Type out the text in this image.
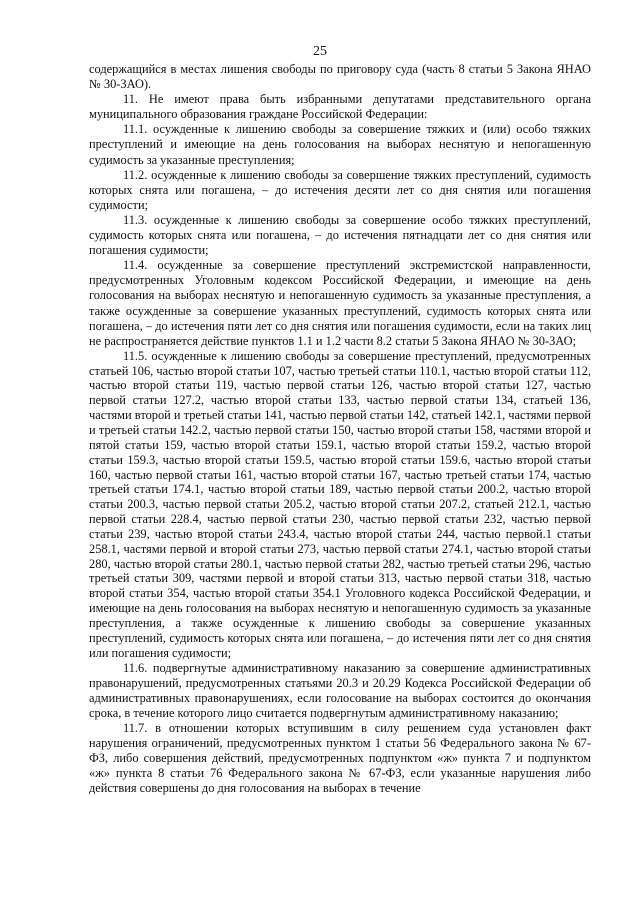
25

содержащийся в местах лишения свободы по приговору суда (часть 8 статьи 5 Закона ЯНАО № 30-ЗАО).

11. Не имеют права быть избранными депутатами представительного органа муниципального образования граждане Российской Федерации:

11.1. осужденные к лишению свободы за совершение тяжких и (или) особо тяжких преступлений и имеющие на день голосования на выборах неснятую и непогашенную судимость за указанные преступления;

11.2. осужденные к лишению свободы за совершение тяжких преступлений, судимость которых снята или погашена, – до истечения десяти лет со дня снятия или погашения судимости;

11.3. осужденные к лишению свободы за совершение особо тяжких преступлений, судимость которых снята или погашена, – до истечения пятнадцати лет со дня снятия или погашения судимости;

11.4. осужденные за совершение преступлений экстремистской направленности, предусмотренных Уголовным кодексом Российской Федерации, и имеющие на день голосования на выборах неснятую и непогашенную судимость за указанные преступления, а также осужденные за совершение указанных преступлений, судимость которых снята или погашена, – до истечения пяти лет со дня снятия или погашения судимости, если на таких лиц не распространяется действие пунктов 1.1 и 1.2 части 8.2 статьи 5 Закона ЯНАО № 30-ЗАО;

11.5. осужденные к лишению свободы за совершение преступлений, предусмотренных статьей 106, частью второй статьи 107, частью третьей статьи 110.1, частью второй статьи 112, частью второй статьи 119, частью первой статьи 126, частью второй статьи 127, частью первой статьи 127.2, частью второй статьи 133, частью первой статьи 134, статьей 136, частями второй и третьей статьи 141, частью первой статьи 142, статьей 142.1, частями первой и третьей статьи 142.2, частью первой статьи 150, частью второй статьи 158, частями второй и пятой статьи 159, частью второй статьи 159.1, частью второй статьи 159.2, частью второй статьи 159.3, частью второй статьи 159.5, частью второй статьи 159.6, частью второй статьи 160, частью первой статьи 161, частью второй статьи 167, частью третьей статьи 174, частью третьей статьи 174.1, частью второй статьи 189, частью первой статьи 200.2, частью второй статьи 200.3, частью первой статьи 205.2, частью второй статьи 207.2, статьей 212.1, частью первой статьи 228.4, частью первой статьи 230, частью первой статьи 232, частью первой статьи 239, частью второй статьи 243.4, частью второй статьи 244, частью первой.1 статьи 258.1, частями первой и второй статьи 273, частью первой статьи 274.1, частью второй статьи 280, частью второй статьи 280.1, частью первой статьи 282, частью третьей статьи 296, частью третьей статьи 309, частями первой и второй статьи 313, частью первой статьи 318, частью второй статьи 354, частью второй статьи 354.1 Уголовного кодекса Российской Федерации, и имеющие на день голосования на выборах неснятую и непогашенную судимость за указанные преступления, а также осужденные к лишению свободы за совершение указанных преступлений, судимость которых снята или погашена, – до истечения пяти лет со дня снятия или погашения судимости;

11.6. подвергнутые административному наказанию за совершение административных правонарушений, предусмотренных статьями 20.3 и 20.29 Кодекса Российской Федерации об административных правонарушениях, если голосование на выборах состоится до окончания срока, в течение которого лицо считается подвергнутым административному наказанию;

11.7. в отношении которых вступившим в силу решением суда установлен факт нарушения ограничений, предусмотренных пунктом 1 статьи 56 Федерального закона № 67-ФЗ, либо совершения действий, предусмотренных подпунктом «ж» пункта 7 и подпунктом «ж» пункта 8 статьи 76 Федерального закона № 67-ФЗ, если указанные нарушения либо действия совершены до дня голосования на выборах в течение
